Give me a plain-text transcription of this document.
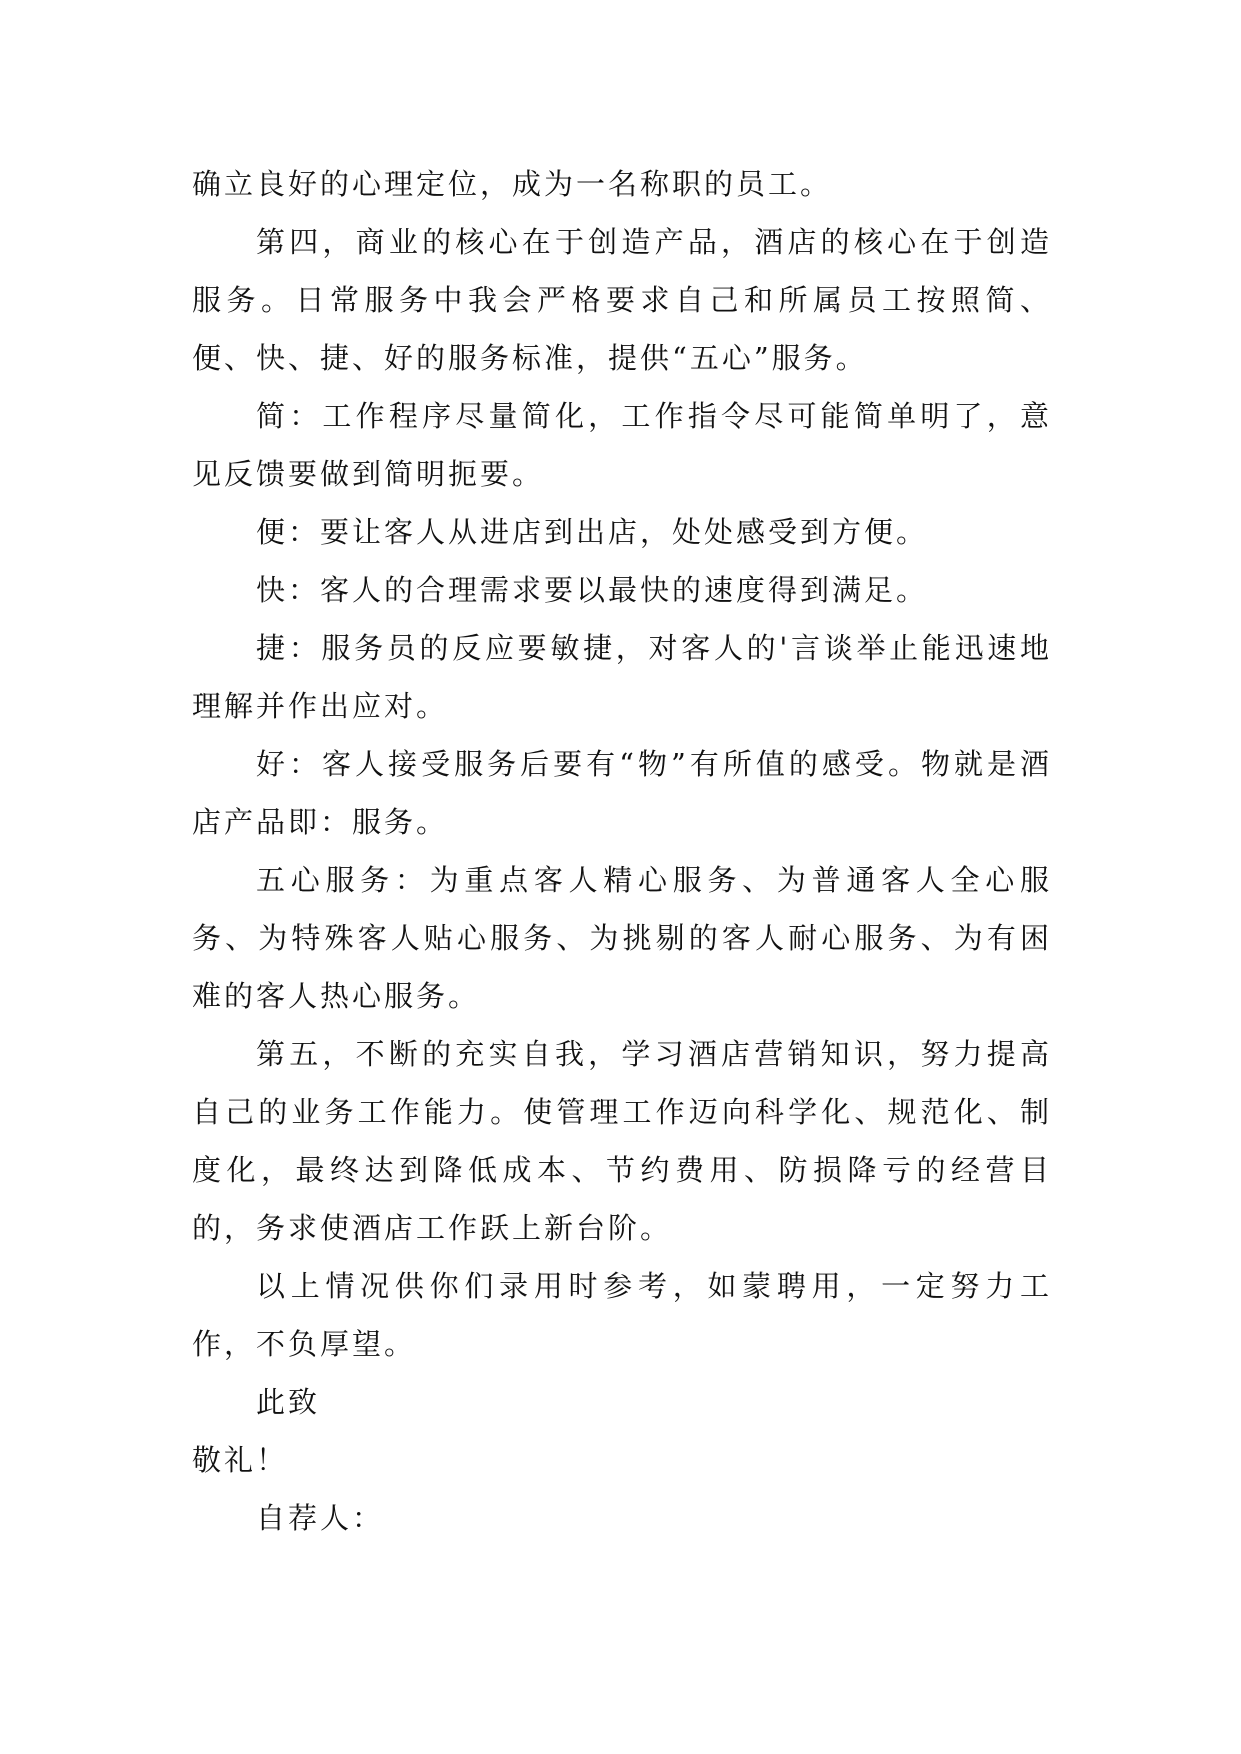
确立良好的心理定位，成为一名称职的员工。

第四，商业的核心在于创造产品，酒店的核心在于创造服务。日常服务中我会严格要求自己和所属员工按照简、便、快、捷、好的服务标准，提供“五心”服务。

简：工作程序尽量简化，工作指令尽可能简单明了，意见反馈要做到简明扼要。

便：要让客人从进店到出店，处处感受到方便。

快：客人的合理需求要以最快的速度得到满足。

捷：服务员的反应要敏捷，对客人的'言谈举止能迅速地理解并作出应对。

好：客人接受服务后要有“物”有所值的感受。物就是酒店产品即：服务。

五心服务：为重点客人精心服务、为普通客人全心服务、为特殊客人贴心服务、为挑剔的客人耐心服务、为有困难的客人热心服务。

第五，不断的充实自我，学习酒店营销知识，努力提高自己的业务工作能力。使管理工作迈向科学化、规范化、制度化，最终达到降低成本、节约费用、防损降亏的经营目的，务求使酒店工作跃上新台阶。

以上情况供你们录用时参考，如蒙聘用，一定努力工作，不负厚望。

此致

敬礼！

自荐人：
